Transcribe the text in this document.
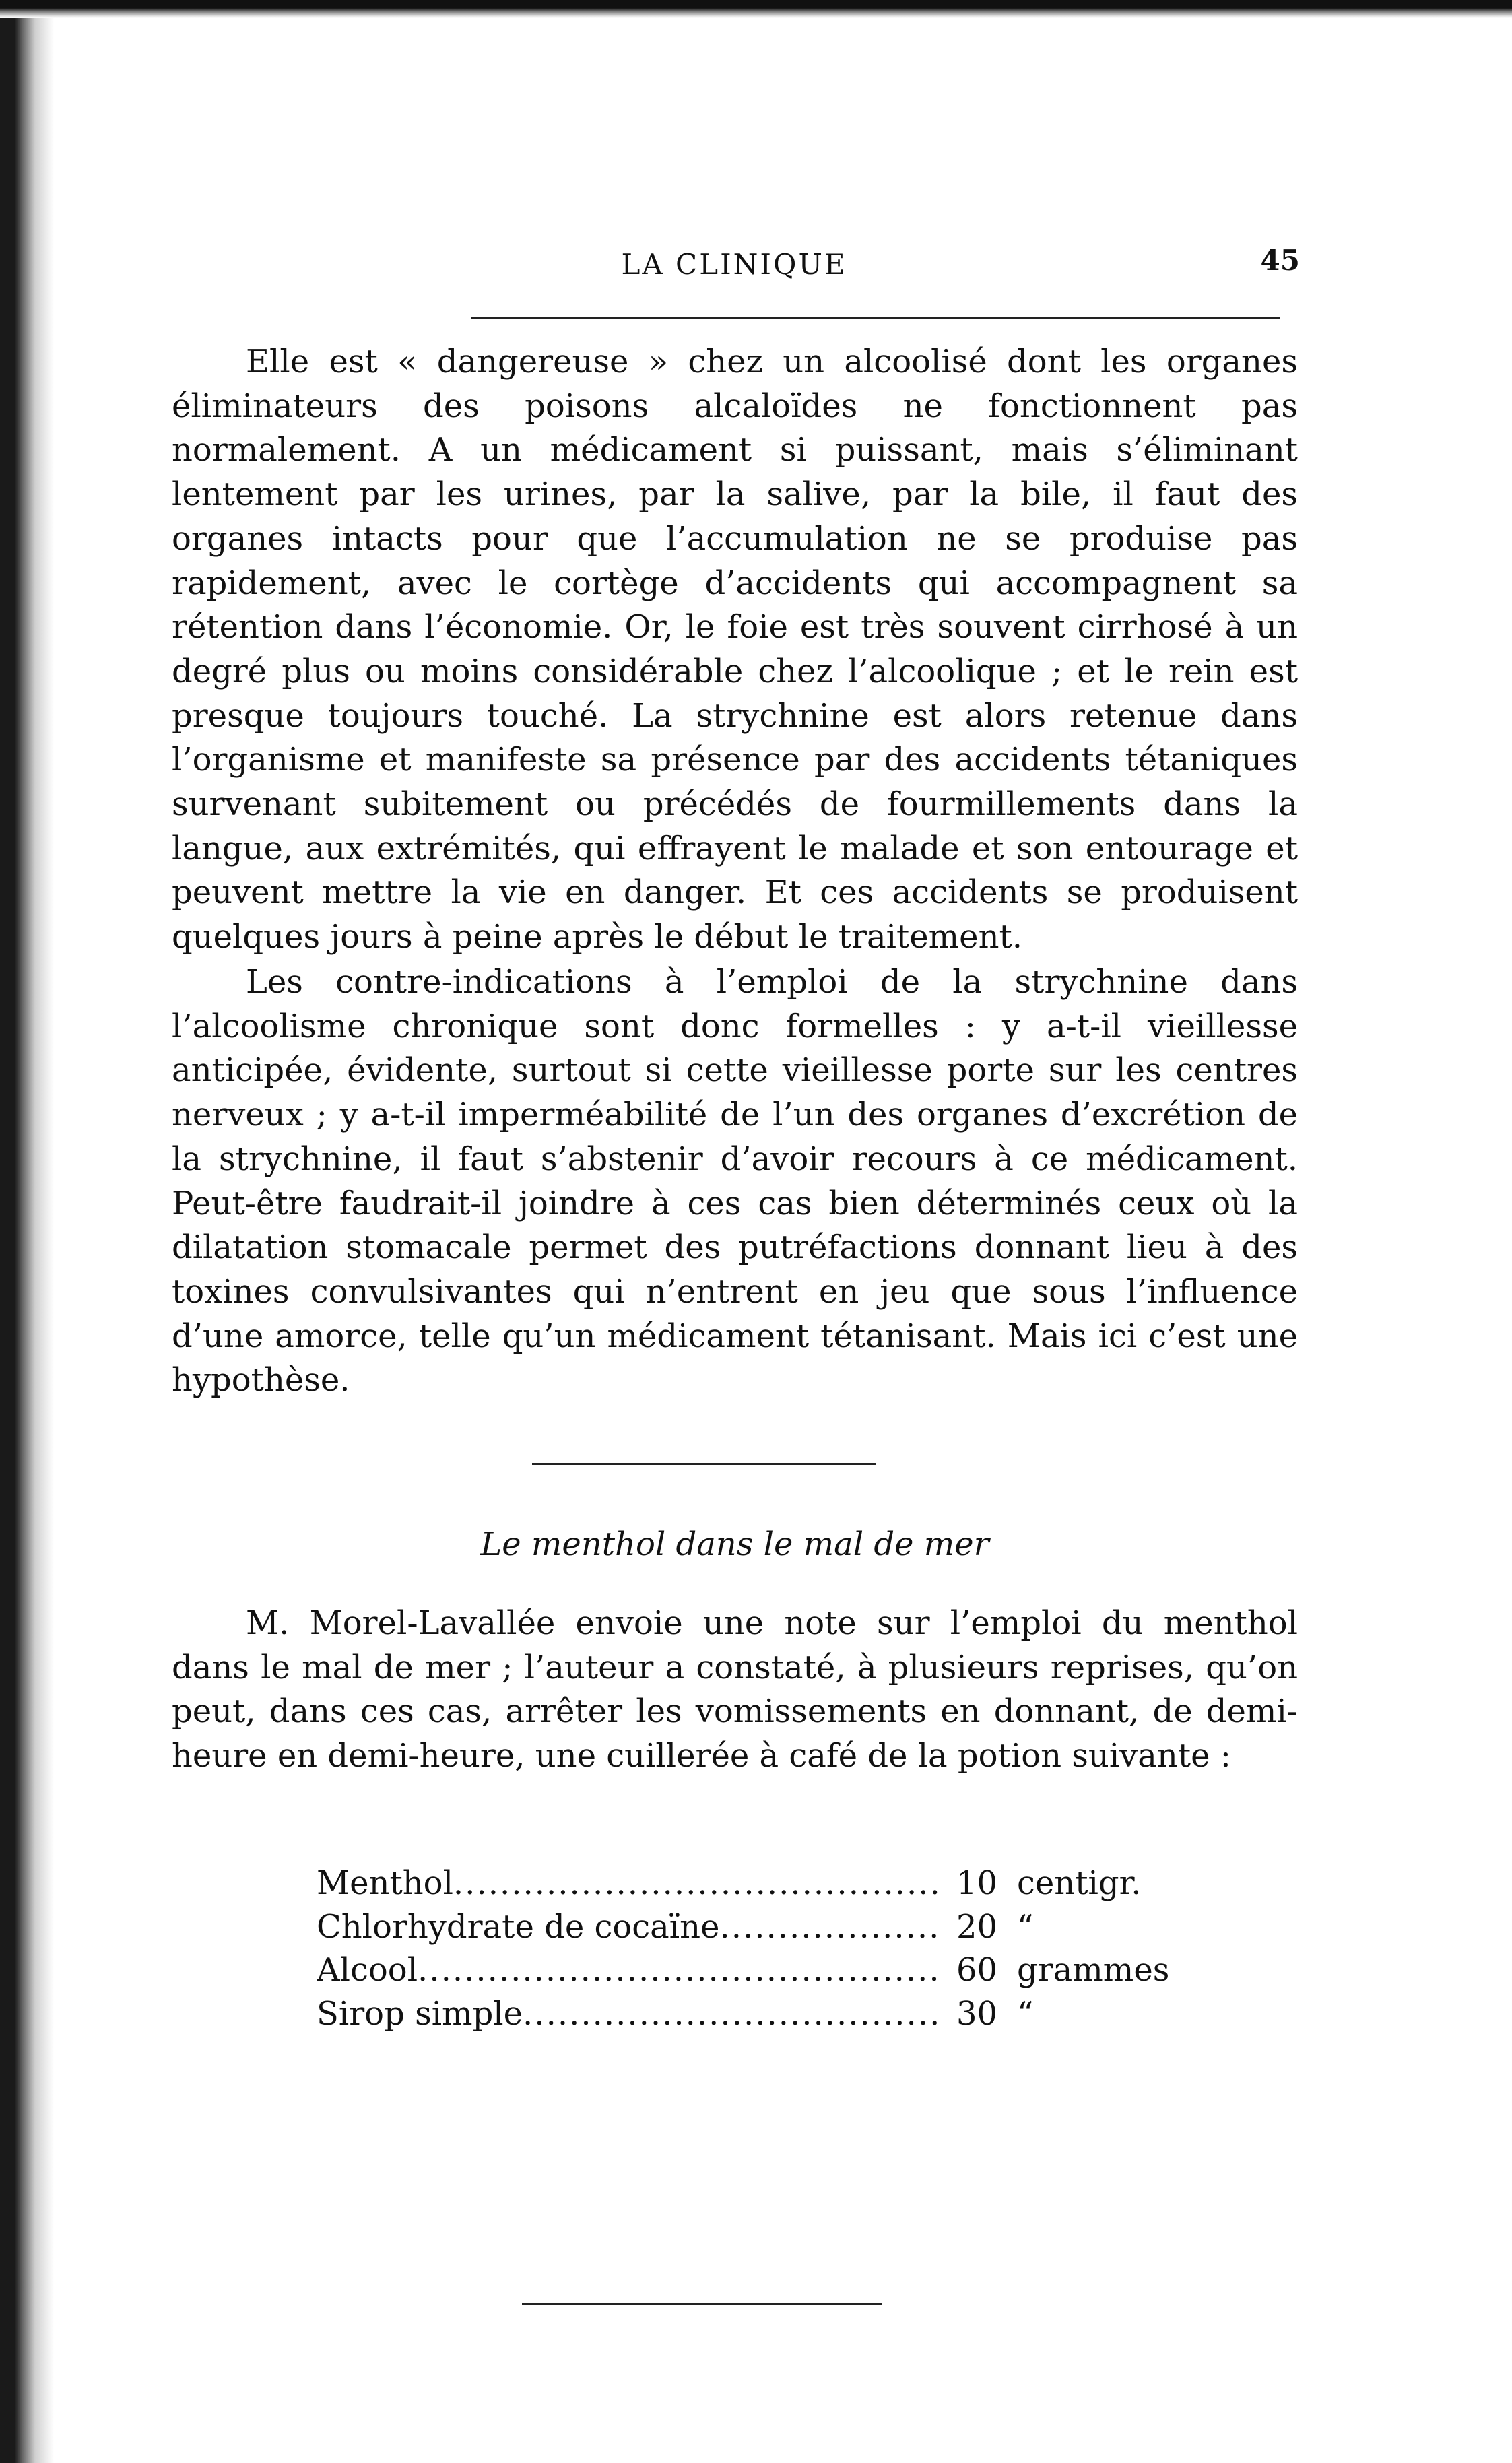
LA CLINIQUE	45

Elle est « dangereuse » chez un alcoolisé dont les organes éliminateurs des poisons alcaloïdes ne fonctionnent pas normalement. A un médicament si puissant, mais s’éliminant lentement par les urines, par la salive, par la bile, il faut des organes intacts pour que l’accumulation ne se produise pas rapidement, avec le cortège d’accidents qui accompagnent sa rétention dans l’économie. Or, le foie est très souvent cirrhosé à un degré plus ou moins considérable chez l’alcoolique ; et le rein est presque toujours touché. La strychnine est alors retenue dans l’organisme et manifeste sa présence par des accidents tétaniques survenant subitement ou précédés de fourmillements dans la langue, aux extrémités, qui effrayent le malade et son entourage et peuvent mettre la vie en danger. Et ces accidents se produisent quelques jours à peine après le début le traitement.

Les contre-indications à l’emploi de la strychnine dans l’alcoolisme chronique sont donc formelles : y a-t-il vieillesse anticipée, évidente, surtout si cette vieillesse porte sur les centres nerveux ; y a-t-il imperméabilité de l’un des organes d’excrétion de la strychnine, il faut s’abstenir d’avoir recours à ce médicament. Peut-être faudrait-il joindre à ces cas bien déterminés ceux où la dilatation stomacale permet des putréfactions donnant lieu à des toxines convulsivantes qui n’entrent en jeu que sous l’influence d’une amorce, telle qu’un médicament tétanisant. Mais ici c’est une hypothèse.

Le menthol dans le mal de mer

M. Morel-Lavallée envoie une note sur l’emploi du menthol dans le mal de mer ; l’auteur a constaté, à plusieurs reprises, qu’on peut, dans ces cas, arrêter les vomissements en donnant, de demi-heure en demi-heure, une cuillerée à café de la potion suivante :

Menthol .....	10 centigr.
Chlorhydrate de cocaïne .....	20 “
Alcool .....	60 grammes
Sirop simple .....	30 “
